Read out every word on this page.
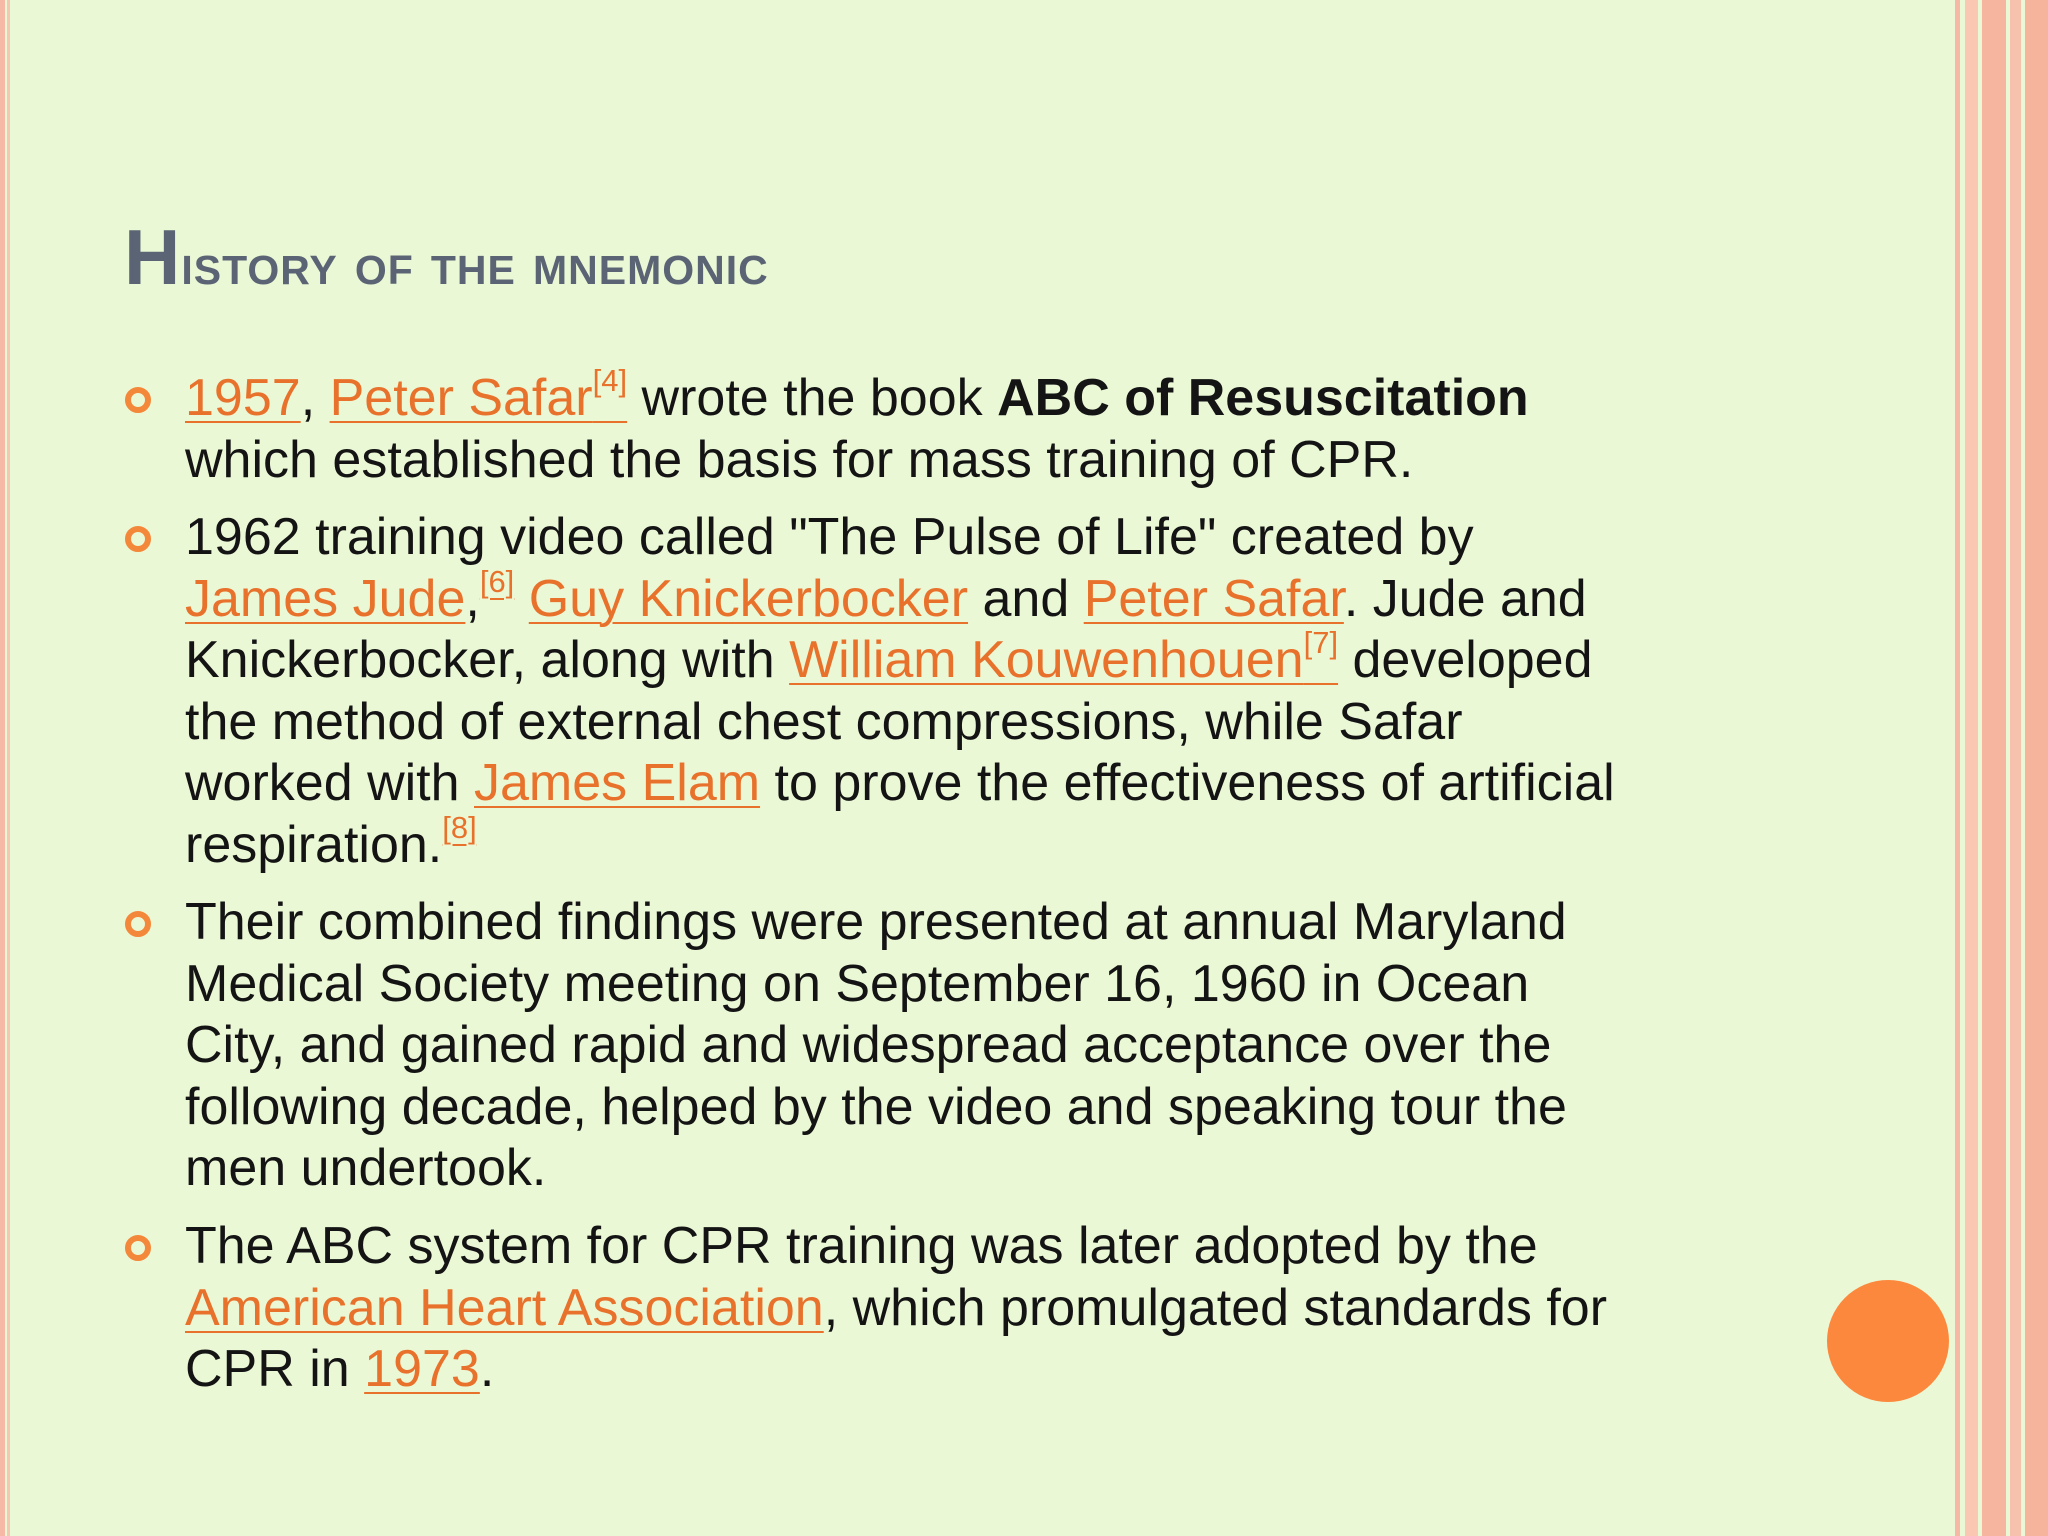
History of the mnemonic
1957, Peter Safar[4] wrote the book ABC of Resuscitation
which established the basis for mass training of CPR.
1962 training video called "The Pulse of Life" created by
James Jude,[6] Guy Knickerbocker and Peter Safar. Jude and
Knickerbocker, along with William Kouwenhouen[7] developed
the method of external chest compressions, while Safar
worked with James Elam to prove the effectiveness of artificial
respiration.[8]
Their combined findings were presented at annual Maryland
Medical Society meeting on September 16, 1960 in Ocean
City, and gained rapid and widespread acceptance over the
following decade, helped by the video and speaking tour the
men undertook.
The ABC system for CPR training was later adopted by the
American Heart Association, which promulgated standards for
CPR in 1973.
